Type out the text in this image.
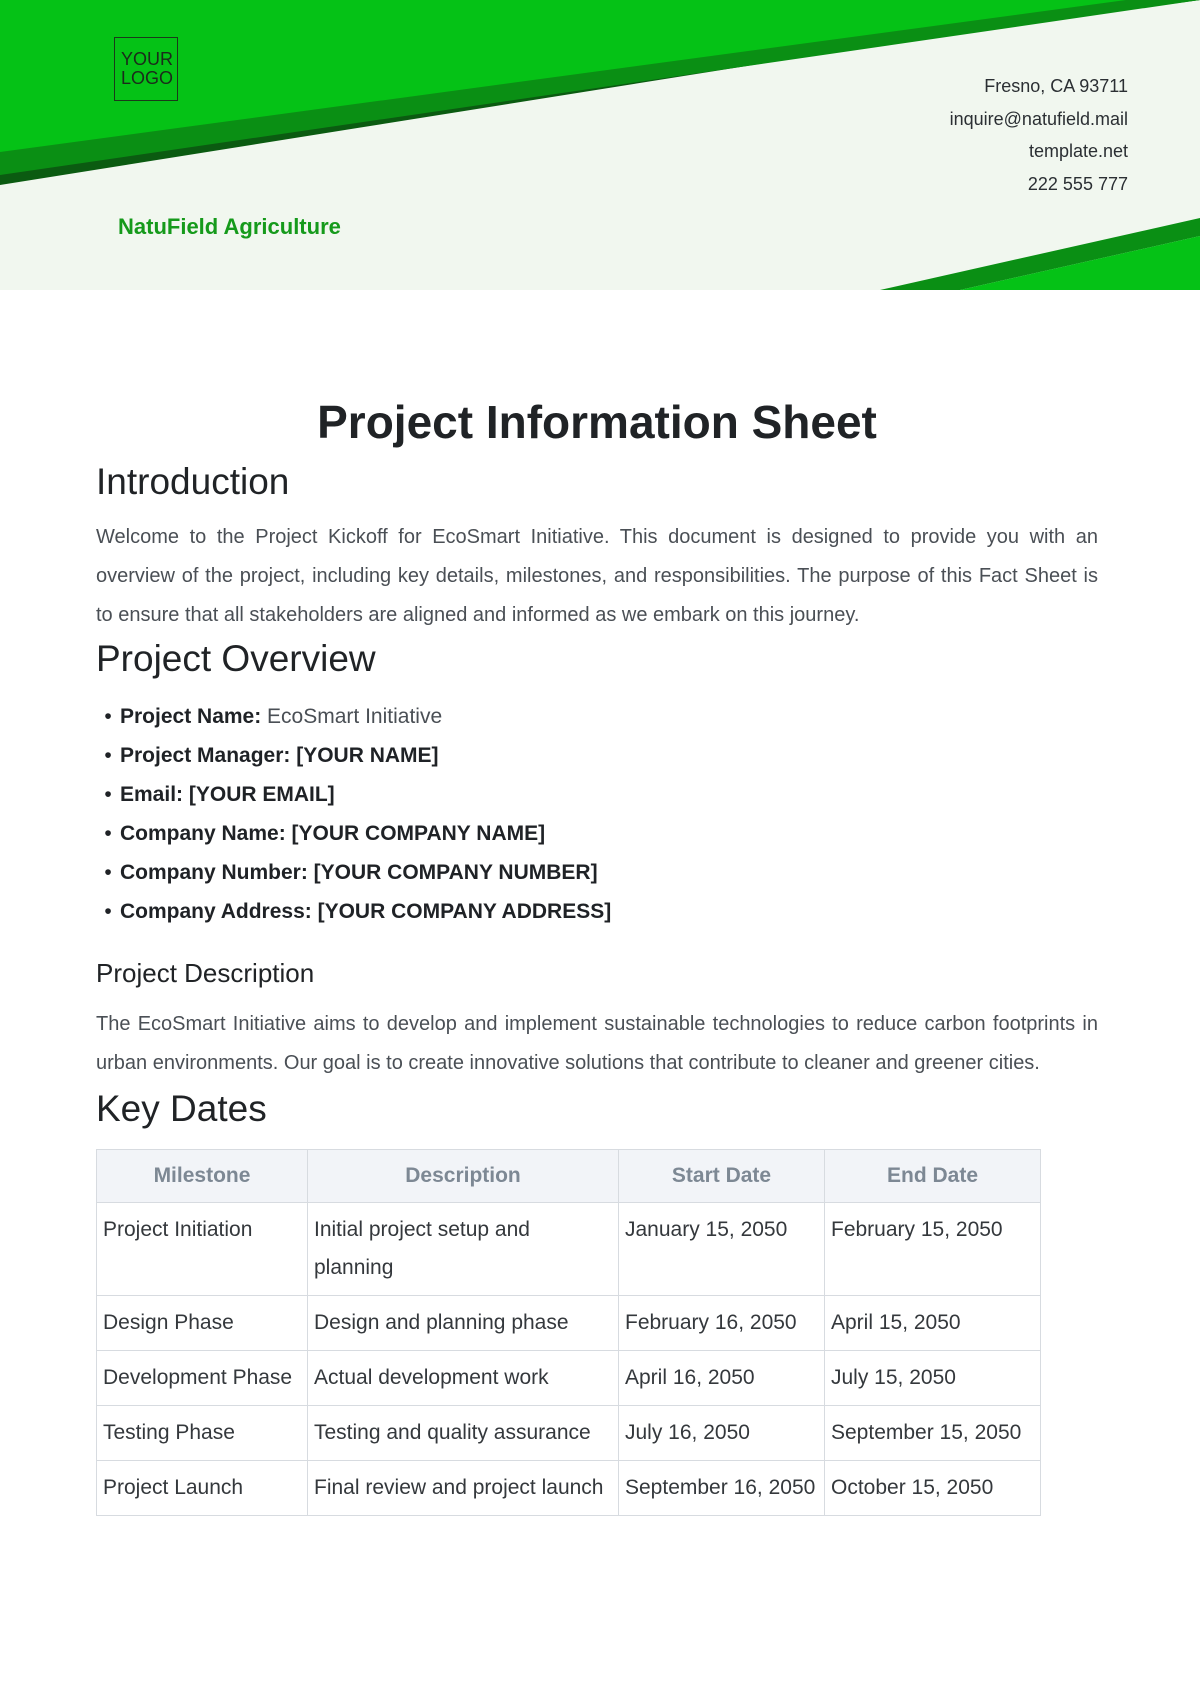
YOUR
LOGO	Fresno, CA 93711
inquire@natufield.mail
template.net
222 555 777
NatuField Agriculture
Project Information Sheet
Introduction

Welcome to the Project Kickoff for EcoSmart Initiative. This document is designed to provide you with an overview of the project, including key details, milestones, and responsibilities. The purpose of this Fact Sheet is to ensure that all stakeholders are aligned and informed as we embark on this journey.

Project Overview
• Project Name: EcoSmart Initiative
• Project Manager: [YOUR NAME]
• Email: [YOUR EMAIL]
• Company Name: [YOUR COMPANY NAME]
• Company Number: [YOUR COMPANY NUMBER]
• Company Address: [YOUR COMPANY ADDRESS]
Project Description

The EcoSmart Initiative aims to develop and implement sustainable technologies to reduce carbon footprints in urban environments. Our goal is to create innovative solutions that contribute to cleaner and greener cities.

Key Dates
Milestone	Description	Start Date	End Date
Project Initiation	Initial project setup and planning	January 15, 2050	February 15, 2050
Design Phase	Design and planning phase	February 16, 2050	April 15, 2050
Development Phase	Actual development work	April 16, 2050	July 15, 2050
Testing Phase	Testing and quality assurance	July 16, 2050	September 15, 2050
Project Launch	Final review and project launch	September 16, 2050	October 15, 2050
